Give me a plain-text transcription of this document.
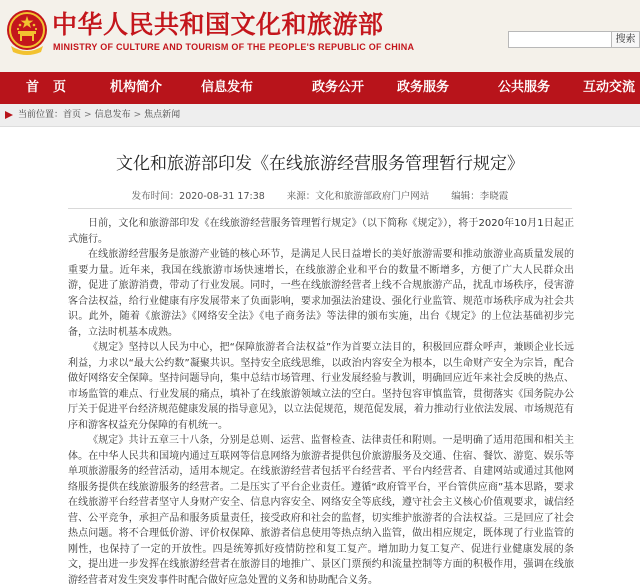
中华人民共和国文化和旅游部
MINISTRY OF CULTURE AND TOURISM OF THE PEOPLE'S REPUBLIC OF CHINA
搜索
首页 机构简介	信息发布	政务公开	政务服务	公共服务	互动交流
当前位置：首页 > 信息发布 > 焦点新闻
文化和旅游部印发《在线旅游经营服务管理暂行规定》
发布时间：2020-08-31 17:38 来源：文化和旅游部政府门户网站 编辑：李晓霞

日前，文化和旅游部印发《在线旅游经营服务管理暂行规定》（以下简称《规定》），将于2020年10月1日起正式施行。

在线旅游经营服务是旅游产业链的核心环节，是满足人民日益增长的美好旅游需要和推动旅游业高质量发展的重要力量。近年来，我国在线旅游市场快速增长，在线旅游企业和平台的数量不断增多，方便了广大人民群众出游，促进了旅游消费，带动了行业发展。同时，一些在线旅游经营者上线不合规旅游产品，扰乱市场秩序，侵害游客合法权益，给行业健康有序发展带来了负面影响，要求加强法治建设、强化行业监管、规范市场秩序成为社会共识。此外，随着《旅游法》《网络安全法》《电子商务法》等法律的颁布实施，出台《规定》的上位法基础初步完备，立法时机基本成熟。

《规定》坚持以人民为中心，把“保障旅游者合法权益”作为首要立法目的，积极回应群众呼声，兼顾企业长远利益，力求以“最大公约数”凝聚共识。坚持安全底线思维，以政治内容安全为根本，以生命财产安全为宗旨，配合做好网络安全保障。坚持问题导向，集中总结市场管理、行业发展经验与教训，明确回应近年来社会反映的热点、市场监管的难点、行业发展的痛点，填补了在线旅游领域立法的空白。坚持包容审慎监管，贯彻落实《国务院办公厅关于促进平台经济规范健康发展的指导意见》，以立法促规范，规范促发展，着力推动行业依法发展、市场规范有序和游客权益充分保障的有机统一。

《规定》共计五章三十八条，分别是总则、运营、监督检查、法律责任和附则。一是明确了适用范围和相关主体。在中华人民共和国境内通过互联网等信息网络为旅游者提供包价旅游服务及交通、住宿、餐饮、游览、娱乐等单项旅游服务的经营活动，适用本规定。在线旅游经营者包括平台经营者、平台内经营者、自建网站或通过其他网络服务提供在线旅游服务的经营者。二是压实了平台企业责任。遵循“政府管平台，平台管供应商”基本思路，要求在线旅游平台经营者坚守人身财产安全、信息内容安全、网络安全等底线，遵守社会主义核心价值观要求，诚信经营、公平竞争，承担产品和服务质量责任，接受政府和社会的监督，切实维护旅游者的合法权益。三是回应了社会热点问题。将不合理低价游、评价权保障、旅游者信息使用等热点纳入监管，做出相应规定，既体现了行业监管的刚性，也保持了一定的开放性。四是统筹抓好疫情防控和复工复产。增加助力复工复产、促进行业健康发展的条文，提出进一步发挥在线旅游经营者在旅游目的地推广、景区门票预约和流量控制等方面的积极作用，强调在线旅游经营者对发生突发事件时配合做好应急处置的义务和协助配合义务。
